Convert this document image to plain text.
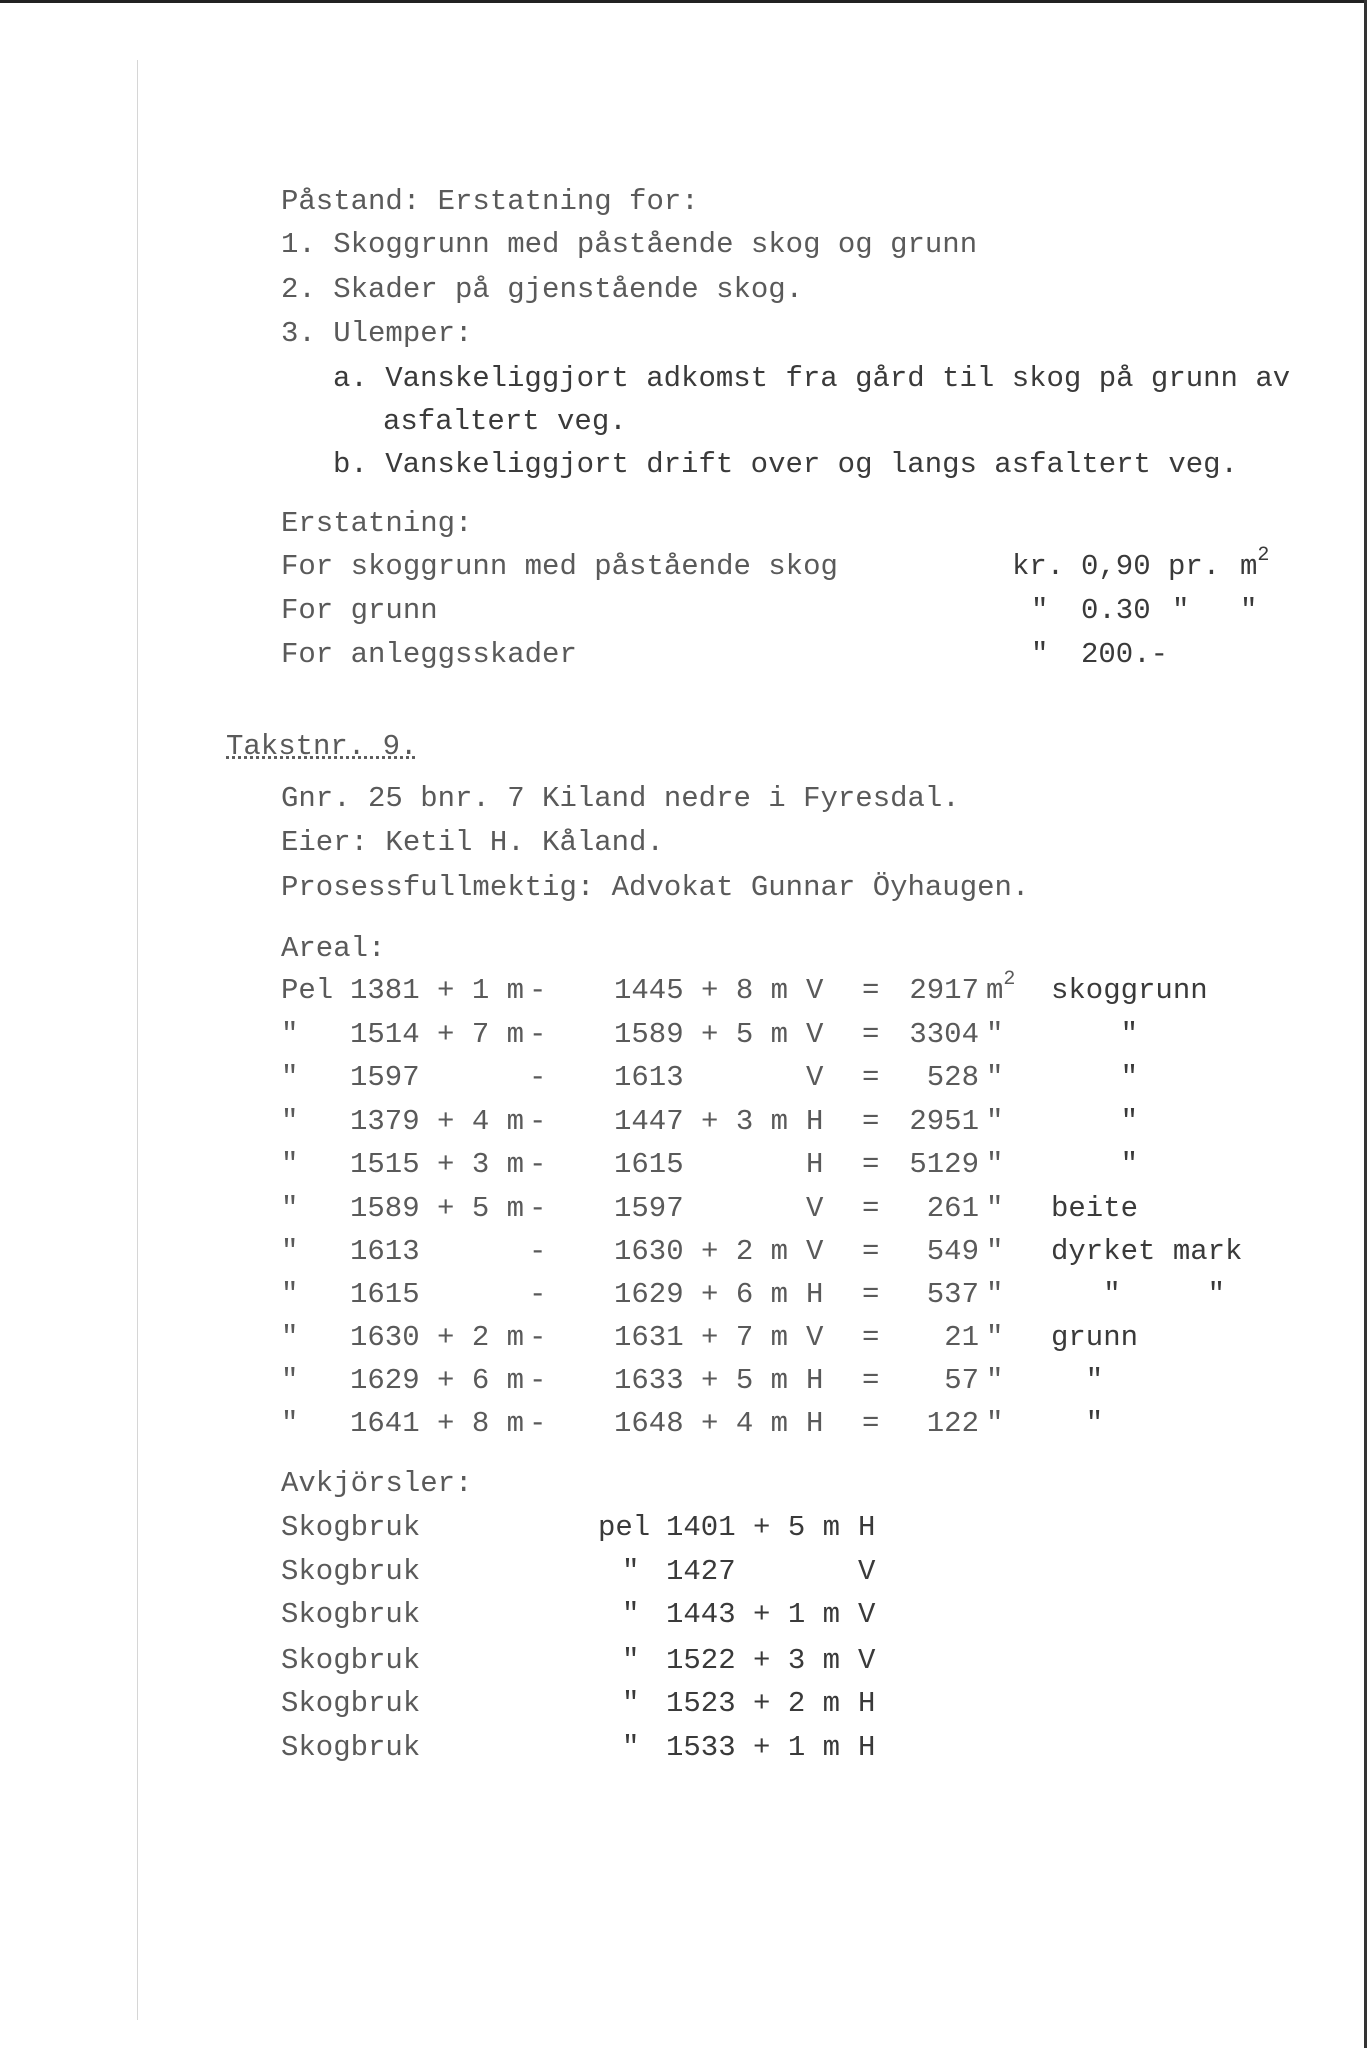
Påstand: Erstatning for:
1. Skoggrunn med påstående skog og grunn
2. Skader på gjenstående skog.
3. Ulemper:
a. Vanskeliggjort adkomst fra gård til skog på grunn av
asfaltert veg.
b. Vanskeliggjort drift over og langs asfaltert veg.
Erstatning:
For skoggrunn med påstående skog	kr. 0,90 pr. $m^2$
For grunn	" 0.30 " "
For anleggsskader	" 200.-
Takstnr. 9.
Gnr. 25 bnr. 7 Kiland nedre i Fyresdal.
Eier: Ketil H. Kåland.
Prosessfullmektig: Advokat Gunnar Öyhaugen.
Areal:
Pel 1381 + 1 m - 1445 + 8 m V = 2917 $m^2$ skoggrunn
" 1514 + 7 m - 1589 + 5 m V = 3304 " "
" 1597	- 1613	V = 528 " "
" 1379 + 4 m - 1447 + 3 m H = 2951 " "
" 1515 + 3 m - 1615	H = 5129 " "
" 1589 + 5 m - 1597	V = 261 " beite
" 1613	- 1630 + 2 m V = 549 " dyrket mark
" 1615	- 1629 + 6 m H = 537 " "     "
" 1630 + 2 m - 1631 + 7 m V = 21 " grunn
" 1629 + 6 m - 1633 + 5 m H = 57 " "
" 1641 + 8 m - 1648 + 4 m H = 122 " "
Avkjörsler:
Skogbruk	pel 1401 + 5 m H
Skogbruk	" 1427	V
Skogbruk	" 1443 + 1 m V
Skogbruk	" 1522 + 3 m V
Skogbruk	" 1523 + 2 m H
Skogbruk	" 1533 + 1 m H
